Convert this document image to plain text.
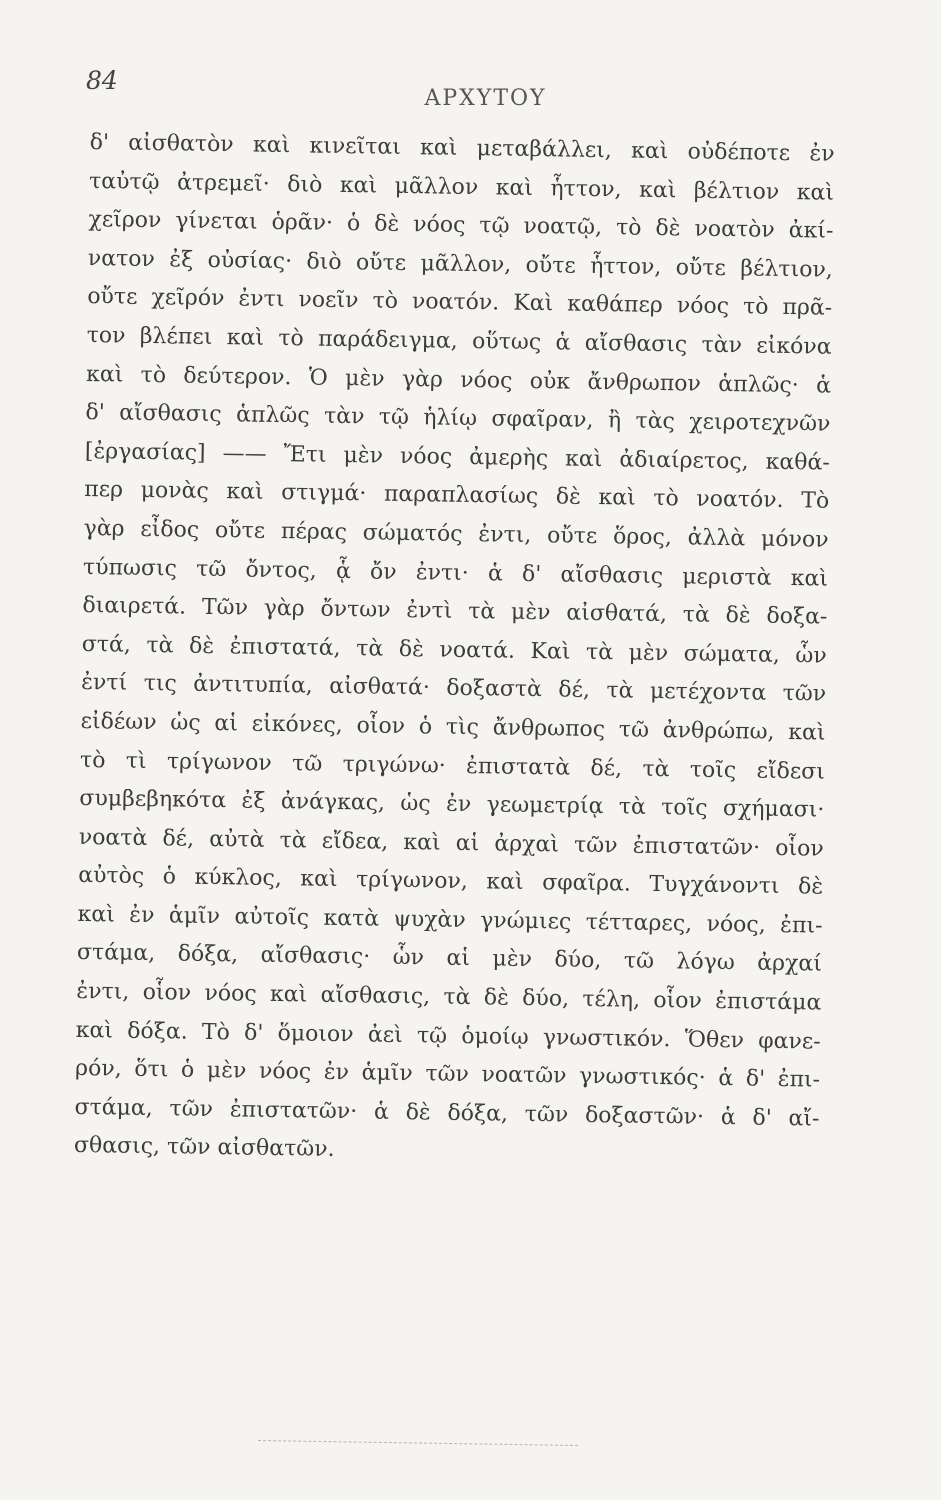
84
ΑΡΧΥΤΟΥ
δ' αἰσθατὸν καὶ κινεῖται καὶ μεταβάλλει, καὶ οὐδέποτε ἐν
ταὐτῷ ἀτρεμεῖ· διὸ καὶ μᾶλλον καὶ ἧττον, καὶ βέλτιον καὶ
χεῖρον γίνεται ὁρᾶν· ὁ δὲ νόος τῷ νοατῷ, τὸ δὲ νοατὸν ἀκί-
νατον ἐξ οὐσίας· διὸ οὔτε μᾶλλον, οὔτε ἧττον, οὔτε βέλτιον,
οὔτε χεῖρόν ἐντι νοεῖν τὸ νοατόν. Καὶ καθάπερ νόος τὸ πρᾶ-
τον βλέπει καὶ τὸ παράδειγμα, οὕτως ἁ αἴσθασις τὰν εἰκόνα
καὶ τὸ δεύτερον. Ὁ μὲν γὰρ νόος οὐκ ἄνθρωπον ἁπλῶς· ἁ
δ' αἴσθασις ἁπλῶς τὰν τῷ ἡλίῳ σφαῖραν, ἢ τὰς χειροτεχνῶν
[ἐργασίας] —— Ἔτι μὲν νόος ἀμερὴς καὶ ἀδιαίρετος, καθά-
περ μονὰς καὶ στιγμά· παραπλασίως δὲ καὶ τὸ νοατόν. Τὸ
γὰρ εἶδος οὔτε πέρας σώματός ἐντι, οὔτε ὅρος, ἀλλὰ μόνον
τύπωσις τῶ ὄντος, ᾇ ὄν ἐντι· ἁ δ' αἴσθασις μεριστὰ καὶ
διαιρετά. Τῶν γὰρ ὄντων ἐντὶ τὰ μὲν αἰσθατά, τὰ δὲ δοξα-
στά, τὰ δὲ ἐπιστατά, τὰ δὲ νοατά. Καὶ τὰ μὲν σώματα, ὧν
ἐντί τις ἀντιτυπία, αἰσθατά· δοξαστὰ δέ, τὰ μετέχοντα τῶν
εἰδέων ὡς αἱ εἰκόνες, οἷον ὁ τὶς ἄνθρωπος τῶ ἀνθρώπω, καὶ
τὸ τὶ τρίγωνον τῶ τριγώνω· ἐπιστατὰ δέ, τὰ τοῖς εἴδεσι
συμβεβηκότα ἐξ ἀνάγκας, ὡς ἐν γεωμετρίᾳ τὰ τοῖς σχήμασι·
νοατὰ δέ, αὐτὰ τὰ εἴδεα, καὶ αἱ ἀρχαὶ τῶν ἐπιστατῶν· οἷον
αὐτὸς ὁ κύκλος, καὶ τρίγωνον, καὶ σφαῖρα. Τυγχάνοντι δὲ
καὶ ἐν ἁμῖν αὐτοῖς κατὰ ψυχὰν γνώμιες τέτταρες, νόος, ἐπι-
στάμα, δόξα, αἴσθασις· ὧν αἱ μὲν δύο, τῶ λόγω ἀρχαί
ἐντι, οἷον νόος καὶ αἴσθασις, τὰ δὲ δύο, τέλη, οἷον ἐπιστάμα
καὶ δόξα. Τὸ δ' ὅμοιον ἀεὶ τῷ ὁμοίῳ γνωστικόν. Ὅθεν φανε-
ρόν, ὅτι ὁ μὲν νόος ἐν ἁμῖν τῶν νοατῶν γνωστικός· ἁ δ' ἐπι-
στάμα, τῶν ἐπιστατῶν· ἁ δὲ δόξα, τῶν δοξαστῶν· ἁ δ' αἴ-
σθασις, τῶν αἰσθατῶν.
